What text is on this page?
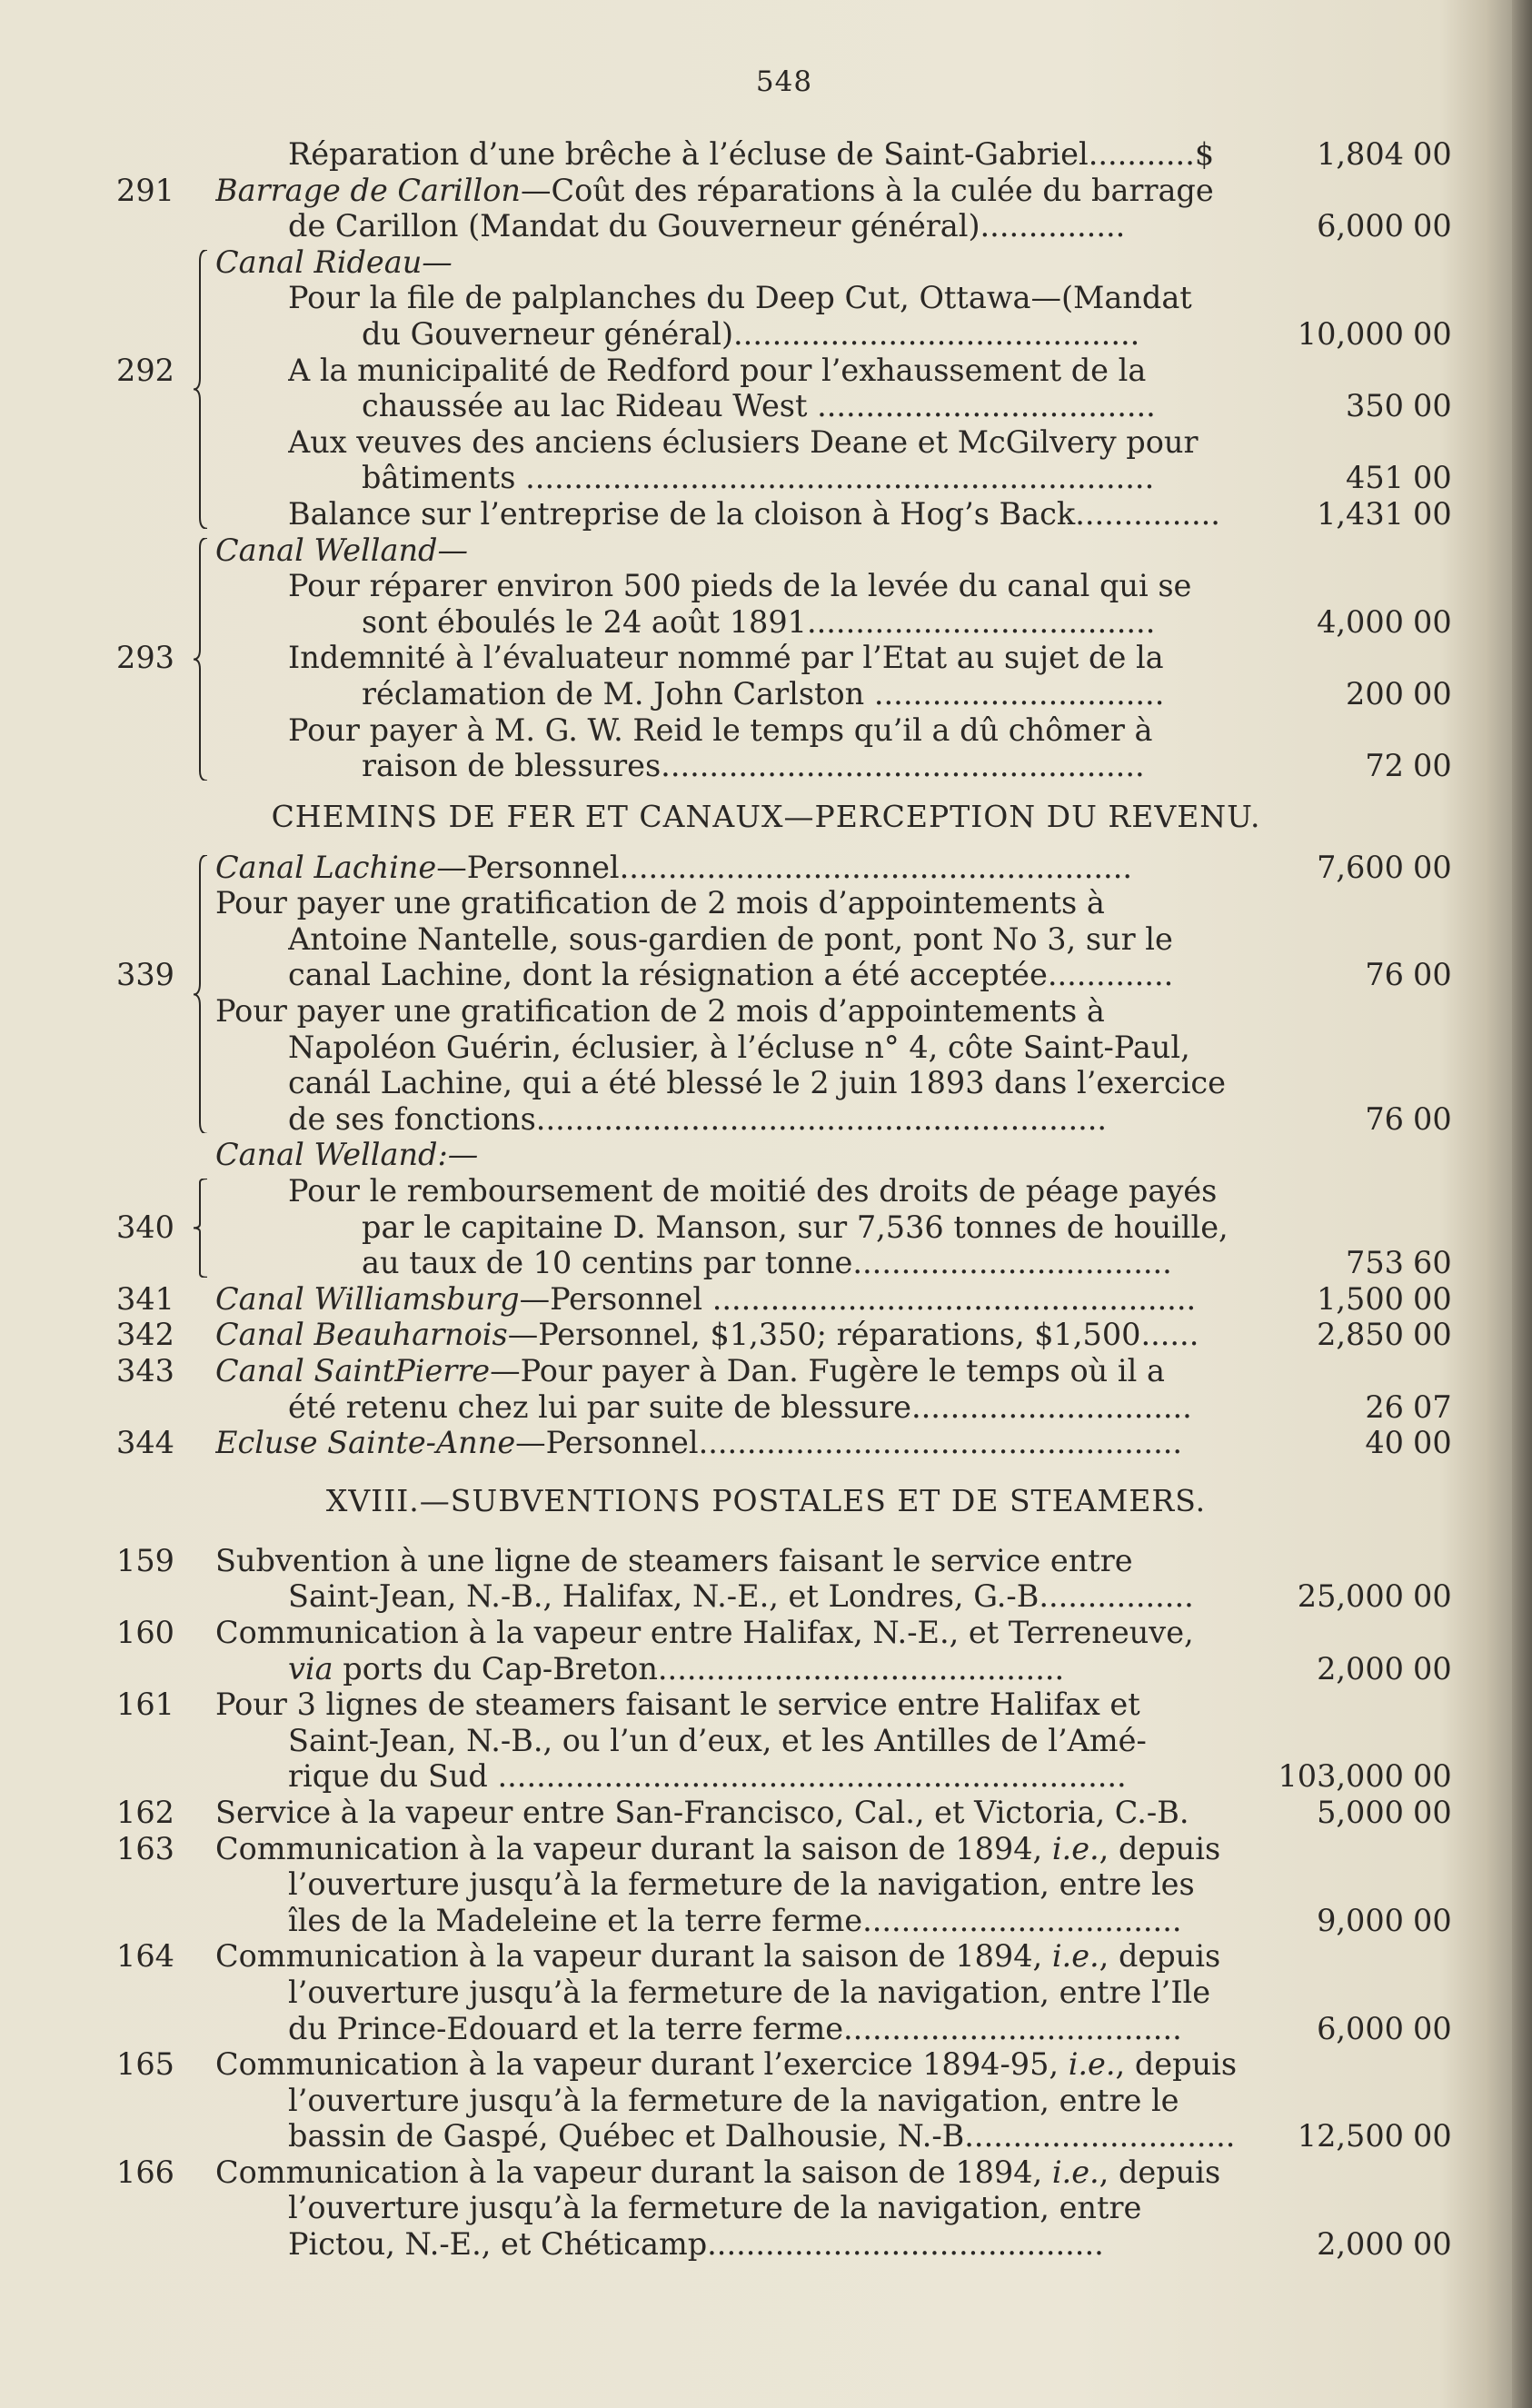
548
Réparation d’une brêche à l’écluse de Saint-Gabriel...........$	1,804 00
291 Barrage de Carillon—Coût des réparations à la culée du barrage
de Carillon (Mandat du Gouverneur général)...............	6,000 00
Canal Rideau—
Pour la file de palplanches du Deep Cut, Ottawa—(Mandat
du Gouverneur général)..........................................	10,000 00
292	A la municipalité de Redford pour l’exhaussement de la
chaussée au lac Rideau West ...................................	350 00
Aux veuves des anciens éclusiers Deane et McGilvery pour
bâtiments .................................................................	451 00
Balance sur l’entreprise de la cloison à Hog’s Back...............	1,431 00
Canal Welland—
Pour réparer environ 500 pieds de la levée du canal qui se
sont éboulés le 24 août 1891....................................	4,000 00
293	Indemnité à l’évaluateur nommé par l’Etat au sujet de la
réclamation de M. John Carlston ..............................	200 00
Pour payer à M. G. W. Reid le temps qu’il a dû chômer à
raison de blessures..................................................	72 00
CHEMINS DE FER ET CANAUX—PERCEPTION DU REVENU.
Canal Lachine—Personnel.....................................................	7,600 00
Pour payer une gratification de 2 mois d’appointements à
Antoine Nantelle, sous-gardien de pont, pont No 3, sur le
339	canal Lachine, dont la résignation a été acceptée.............	76 00
Pour payer une gratification de 2 mois d’appointements à
Napoléon Guérin, éclusier, à l’écluse n° 4, côte Saint-Paul,
canál Lachine, qui a été blessé le 2 juin 1893 dans l’exercice
de ses fonctions...........................................................	76 00
Canal Welland:—
Pour le remboursement de moitié des droits de péage payés
340	par le capitaine D. Manson, sur 7,536 tonnes de houille,
au taux de 10 centins par tonne.................................	753 60
341 Canal Williamsburg—Personnel ..................................................	1,500 00
342 Canal Beauharnois—Personnel, $1,350; réparations, $1,500......	2,850 00
343 Canal SaintPierre—Pour payer à Dan. Fugère le temps où il a
été retenu chez lui par suite de blessure.............................	26 07
344 Ecluse Sainte-Anne—Personnel..................................................	40 00
XVIII.—SUBVENTIONS POSTALES ET DE STEAMERS.
159 Subvention à une ligne de steamers faisant le service entre
Saint-Jean, N.-B., Halifax, N.-E., et Londres, G.-B................	25,000 00
160 Communication à la vapeur entre Halifax, N.-E., et Terreneuve,
via ports du Cap-Breton..........................................	2,000 00
161 Pour 3 lignes de steamers faisant le service entre Halifax et
Saint-Jean, N.-B., ou l’un d’eux, et les Antilles de l’Amé-
rique du Sud .................................................................	103,000 00
162 Service à la vapeur entre San-Francisco, Cal., et Victoria, C.-B.	5,000 00
163 Communication à la vapeur durant la saison de 1894, i.e., depuis
l’ouverture jusqu’à la fermeture de la navigation, entre les
îles de la Madeleine et la terre ferme.................................	9,000 00
164 Communication à la vapeur durant la saison de 1894, i.e., depuis
l’ouverture jusqu’à la fermeture de la navigation, entre l’Ile
du Prince-Edouard et la terre ferme...................................	6,000 00
165 Communication à la vapeur durant l’exercice 1894-95, i.e., depuis
l’ouverture jusqu’à la fermeture de la navigation, entre le
bassin de Gaspé, Québec et Dalhousie, N.-B............................	12,500 00
166 Communication à la vapeur durant la saison de 1894, i.e., depuis
l’ouverture jusqu’à la fermeture de la navigation, entre
Pictou, N.-E., et Chéticamp.........................................	2,000 00
